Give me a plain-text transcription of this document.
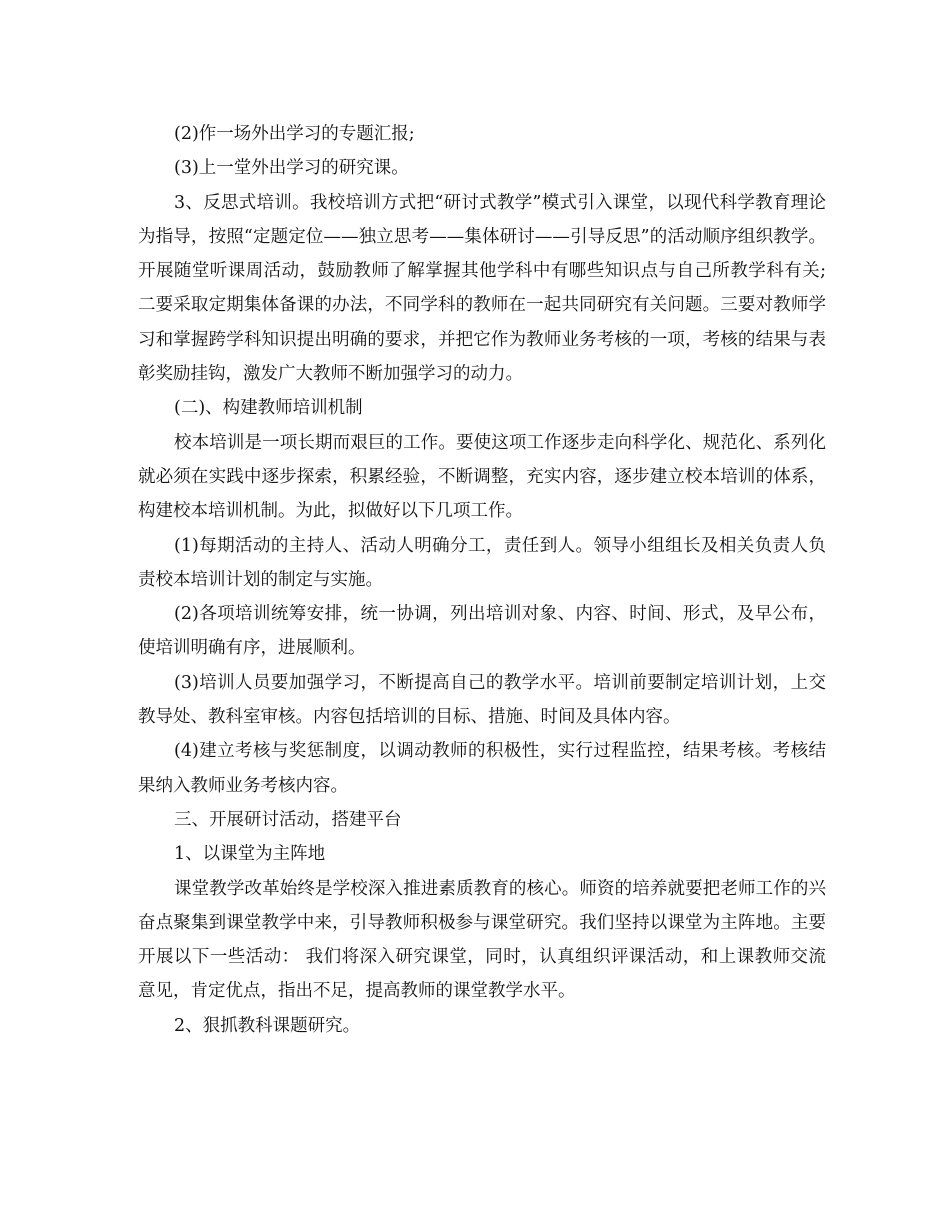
(2)作一场外出学习的专题汇报;

(3)上一堂外出学习的研究课。

3、反思式培训。我校培训方式把“研讨式教学”模式引入课堂，以现代科学教育理论为指导，按照“定题定位——独立思考——集体研讨——引导反思”的活动顺序组织教学。开展随堂听课周活动，鼓励教师了解掌握其他学科中有哪些知识点与自己所教学科有关;二要采取定期集体备课的办法，不同学科的教师在一起共同研究有关问题。三要对教师学习和掌握跨学科知识提出明确的要求，并把它作为教师业务考核的一项，考核的结果与表彰奖励挂钩，激发广大教师不断加强学习的动力。

(二)、构建教师培训机制

校本培训是一项长期而艰巨的工作。要使这项工作逐步走向科学化、规范化、系列化就必须在实践中逐步探索，积累经验，不断调整，充实内容，逐步建立校本培训的体系，构建校本培训机制。为此，拟做好以下几项工作。

(1)每期活动的主持人、活动人明确分工，责任到人。领导小组组长及相关负责人负责校本培训计划的制定与实施。

(2)各项培训统筹安排，统一协调，列出培训对象、内容、时间、形式，及早公布，使培训明确有序，进展顺利。

(3)培训人员要加强学习，不断提高自己的教学水平。培训前要制定培训计划，上交教导处、教科室审核。内容包括培训的目标、措施、时间及具体内容。

(4)建立考核与奖惩制度，以调动教师的积极性，实行过程监控，结果考核。考核结果纳入教师业务考核内容。

三、开展研讨活动，搭建平台

1、以课堂为主阵地

课堂教学改革始终是学校深入推进素质教育的核心。师资的培养就要把老师工作的兴奋点聚集到课堂教学中来，引导教师积极参与课堂研究。我们坚持以课堂为主阵地。主要开展以下一些活动： 我们将深入研究课堂，同时，认真组织评课活动，和上课教师交流意见，肯定优点，指出不足，提高教师的课堂教学水平。

2、狠抓教科课题研究。
